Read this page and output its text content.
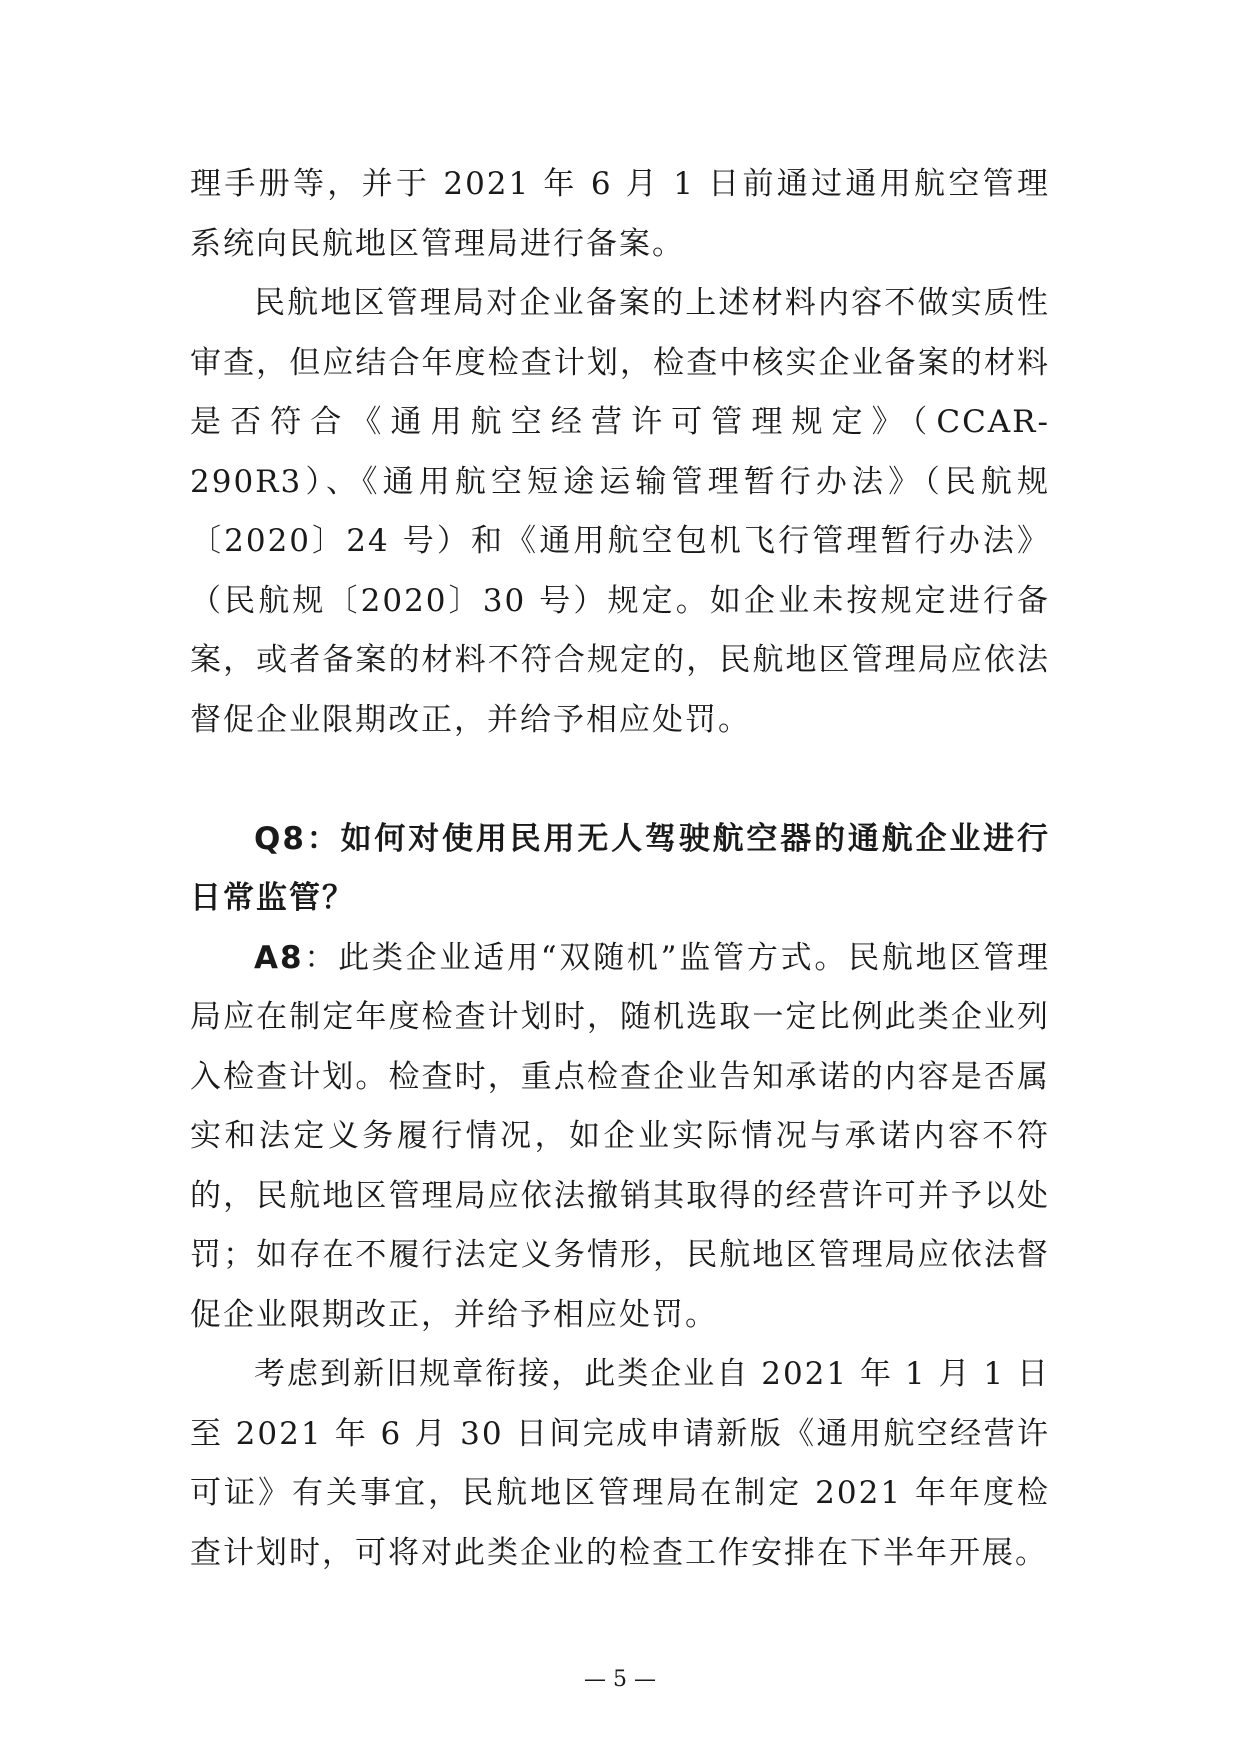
理手册等，并于 2021 年 6 月 1 日前通过通用航空管理系统向民航地区管理局进行备案。

民航地区管理局对企业备案的上述材料内容不做实质性审查，但应结合年度检查计划，检查中核实企业备案的材料是否符合《通用航空经营许可管理规定》（CCAR-290R3）、《通用航空短途运输管理暂行办法》（民航规〔2020〕24 号）和《通用航空包机飞行管理暂行办法》（民航规〔2020〕30 号）规定。如企业未按规定进行备案，或者备案的材料不符合规定的，民航地区管理局应依法督促企业限期改正，并给予相应处罚。

Q8：如何对使用民用无人驾驶航空器的通航企业进行日常监管？

A8：此类企业适用“双随机”监管方式。民航地区管理局应在制定年度检查计划时，随机选取一定比例此类企业列入检查计划。检查时，重点检查企业告知承诺的内容是否属实和法定义务履行情况，如企业实际情况与承诺内容不符的，民航地区管理局应依法撤销其取得的经营许可并予以处罚；如存在不履行法定义务情形，民航地区管理局应依法督促企业限期改正，并给予相应处罚。

考虑到新旧规章衔接，此类企业自 2021 年 1 月 1 日至 2021 年 6 月 30 日间完成申请新版《通用航空经营许可证》有关事宜，民航地区管理局在制定 2021 年年度检查计划时，可将对此类企业的检查工作安排在下半年开展。

— 5 —
